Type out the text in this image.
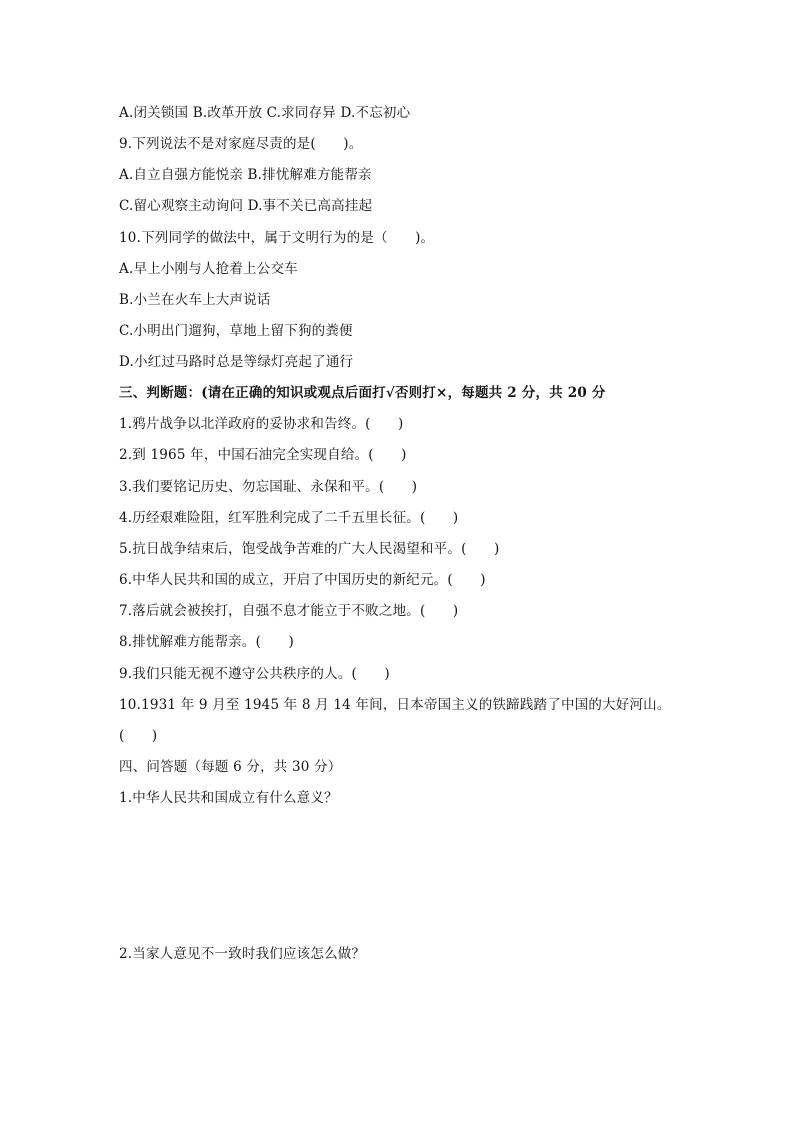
A.闭关锁国 B.改革开放 C.求同存异 D.不忘初心
9.下列说法不是对家庭尽责的是(　　)。
A.自立自强方能悦亲 B.排忧解难方能帮亲
C.留心观察主动询问 D.事不关已高高挂起
10.下列同学的做法中，属于文明行为的是（　　)。
A.早上小刚与人抢着上公交车
B.小兰在火车上大声说话
C.小明出门遛狗，草地上留下狗的粪便
D.小红过马路时总是等绿灯亮起了通行
三、判断题：(请在正确的知识或观点后面打√否则打×，每题共 2 分，共 20 分
1.鸦片战争以北洋政府的妥协求和告终。(　　)
2.到 1965 年，中国石油完全实现自给。(　　)
3.我们要铭记历史、勿忘国耻、永保和平。(　　)
4.历经艰难险阻，红军胜利完成了二千五里长征。(　　)
5.抗日战争结束后，饱受战争苦难的广大人民渴望和平。(　　)
6.中华人民共和国的成立，开启了中国历史的新纪元。(　　)
7.落后就会被挨打，自强不息才能立于不败之地。(　　)
8.排忧解难方能帮亲。(　　)
9.我们只能无视不遵守公共秩序的人。(　　)
10.1931 年 9 月至 1945 年 8 月 14 年间，日本帝国主义的铁蹄践踏了中国的大好河山。
(　　)
四、问答题（每题 6 分，共 30 分）
1.中华人民共和国成立有什么意义？
2.当家人意见不一致时我们应该怎么做？
